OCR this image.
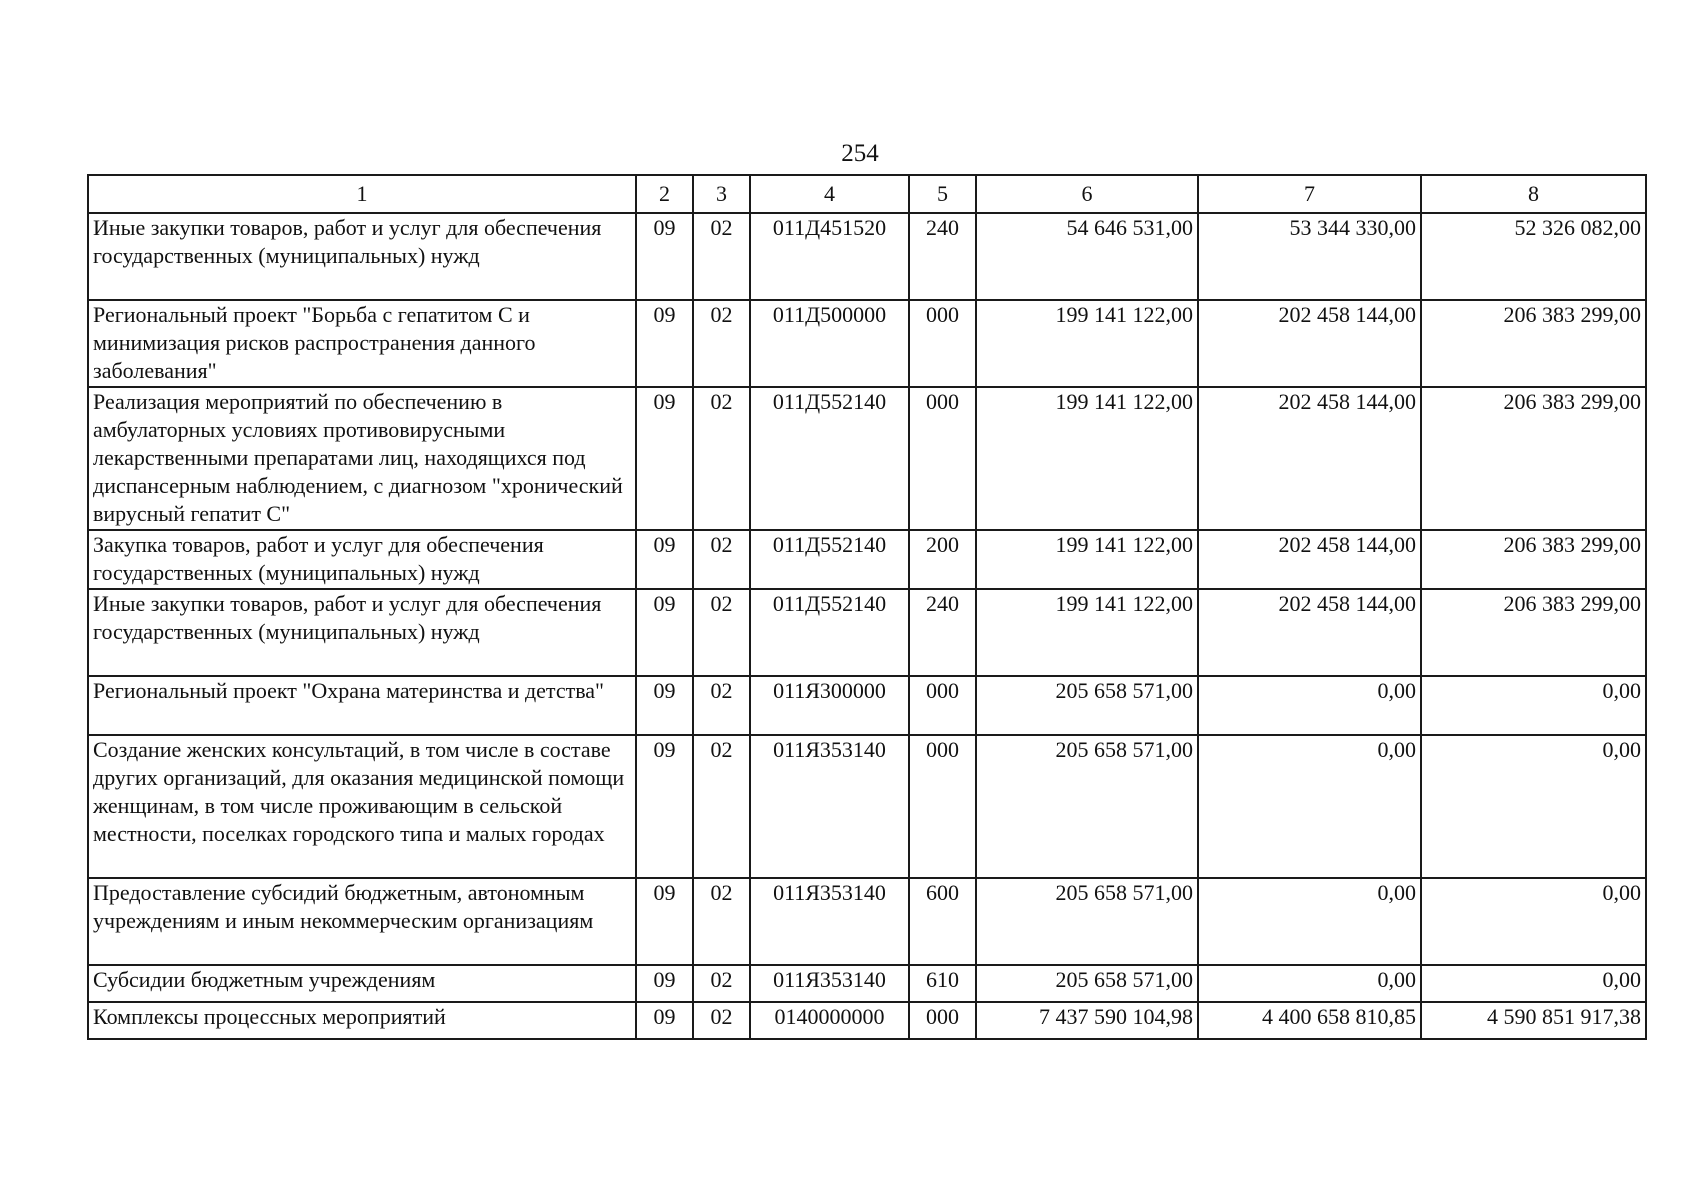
254
1	2	3	4	5	6	7	8
Иные закупки товаров, работ и услуг для обеспечения государственных (муниципальных) нужд	09	02	011Д451520	240	54 646 531,00	53 344 330,00	52 326 082,00
Региональный проект "Борьба с гепатитом С и минимизация рисков распространения данного заболевания"	09	02	011Д500000	000	199 141 122,00	202 458 144,00	206 383 299,00
Реализация мероприятий по обеспечению в амбулаторных условиях противовирусными лекарственными препаратами лиц, находящихся под диспансерным наблюдением, с диагнозом "хронический вирусный гепатит С"	09	02	011Д552140	000	199 141 122,00	202 458 144,00	206 383 299,00
Закупка товаров, работ и услуг для обеспечения государственных (муниципальных) нужд	09	02	011Д552140	200	199 141 122,00	202 458 144,00	206 383 299,00
Иные закупки товаров, работ и услуг для обеспечения государственных (муниципальных) нужд	09	02	011Д552140	240	199 141 122,00	202 458 144,00	206 383 299,00
Региональный проект "Охрана материнства и детства"	09	02	011Я300000	000	205 658 571,00	0,00	0,00
Создание женских консультаций, в том числе в составе других организаций, для оказания медицинской помощи женщинам, в том числе проживающим в сельской местности, поселках городского типа и малых городах	09	02	011Я353140	000	205 658 571,00	0,00	0,00
Предоставление субсидий бюджетным, автономным учреждениям и иным некоммерческим организациям	09	02	011Я353140	600	205 658 571,00	0,00	0,00
Субсидии бюджетным учреждениям	09	02	011Я353140	610	205 658 571,00	0,00	0,00
Комплексы процессных мероприятий	09	02	0140000000	000	7 437 590 104,98	4 400 658 810,85	4 590 851 917,38
